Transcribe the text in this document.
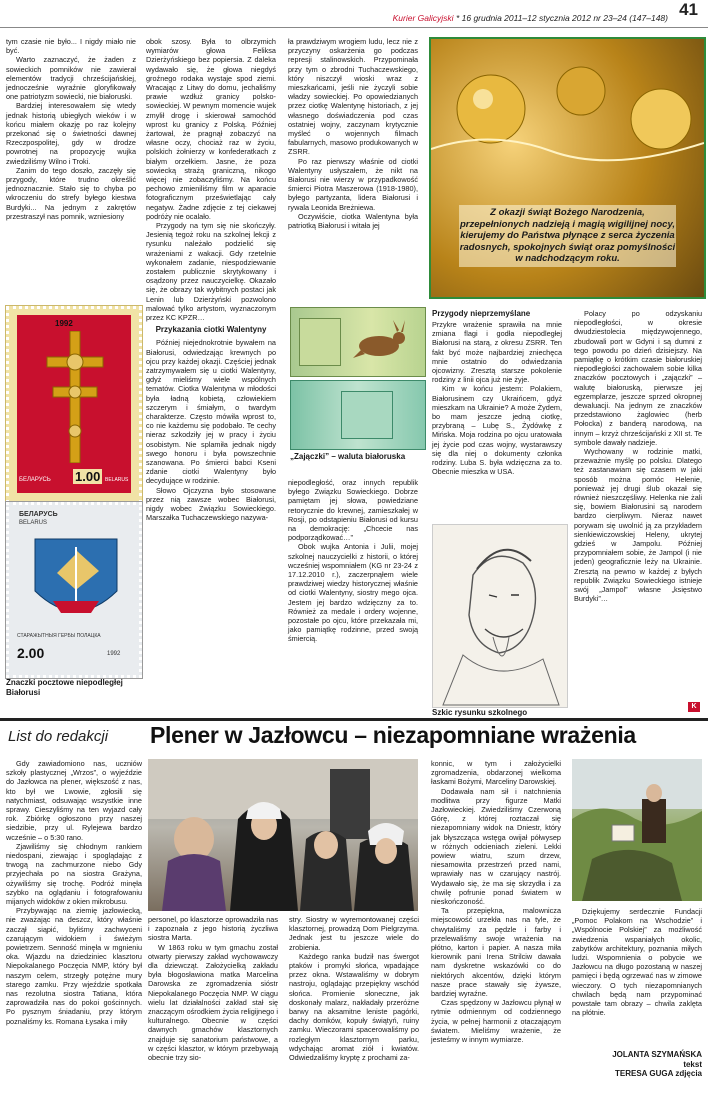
Kurier Galicyjski * 16 grudnia 2011–12 stycznia 2012 nr 23–24 (147–148) 41

tym czasie nie było... I nigdy miało nie być.

Warto zaznaczyć, że żaden z sowieckich pomników nie zawierał elementów tradycji chrześcijańskiej, jednocześnie wyraźnie gloryfikowały one patriotyzm sowiecki, nie białoruski.

Bardziej interesowałem się wtedy jednak historią ubiegłych wieków i w końcu miałem okazję po raz kolejny przekonać się o świetności dawnej Rzeczpospolitej, gdy w drodze powrotnej na propozycję wujka zwiedziliśmy Wilno i Troki.

Zanim do tego doszło, zaczęły się przygody, które trudno określić jednoznacznie. Stało się to chyba po wkroczeniu do strefy byłego kiestwa Burdyki... Na jednym z zakrętów przestraszył nas pomnik, wzniesiony

1992
БЕЛАРУСЬ 1.00 BELARUS
БЕЛАРУСЬ
BELARUS
СТАРАЖЫТНЫЯ ГЕРБЫ ПОЛАЦКА
2.00	1992
Znaczki pocztowe niepodległej Białorusi

obok szosy. Była to olbrzymich wymiarów głowa Feliksa Dzierżyńskiego bez popiersia. Z daleka wydawało się, że głowa niegdyś groźnego rodaka wystaje spod ziemi. Wracając z Litwy do domu, jechaliśmy prawie wzdłuż granicy polsko-sowieckiej. W pewnym momencie wujek zmylił drogę i skierował samochód wprost ku granicy z Polską. Później żartował, że pragnął zobaczyć na własne oczy, chociaż raz w życiu, polskich żołnierzy w konfederatkach z białym orzełkiem. Jasne, że poza sowiecką strażą graniczną, nikogo więcej nie zobaczyliśmy. Na końcu pechowo zmieniliśmy film w aparacie fotograficznym prześwietlając cały negatyw. Żadne zdjęcie z tej ciekawej podróży nie ocalało.

Przygody na tym się nie skończyły. Jesienią tegoż roku na szkolnej lekcji z rysunku należało podzielić się wrażeniami z wakacji. Gdy rzetelnie wykonałem zadanie, niespodziewanie zostałem publicznie skrytykowany i osądzony przez nauczycielkę. Okazało się, że obrazy tak wybitnych postaci jak Lenin lub Dzierżyński pozwolono malować tylko artystom, wyznaczonym przez KC KPZR…

Przykazania ciotki Walentyny

Później niejednokrotnie bywałem na Białorusi, odwiedzając krewnych po ojcu przy każdej okazji. Częściej jednak zatrzymywałem się u ciotki Walentyny, gdyż mieliśmy wiele wspólnych tematów. Ciotka Walentyna w młodości była ładną kobietą, człowiekiem szczerym i śmiałym, o twardym charakterze. Często mówiła wprost to, co nie każdemu się podobało. Te cechy nieraz szkodziły jej w pracy i życiu osobistym. Nie splamiła jednak nigdy swego honoru i była powszechnie szanowana. Po śmierci babci Kseni zdanie ciotki Walentyny było decydujące w rodzinie.

Słowo Ojczyzna było stosowane przez nią zawsze wobec Białorusi, nigdy wobec Związku Sowieckiego. Marszałka Tuchaczewskiego nazywa-

ła prawdziwym wrogiem ludu, lecz nie z przyczyny oskarżenia go podczas represji stalinowskich. Przypominała przy tym o zbrodni Tuchaczewskiego, który niszczył wioski wraz z mieszkańcami, jeśli nie życzyli sobie władzy sowieckiej. Po opowiedzianych przez ciotkę Walentynę historiach, z jej własnego doświadczenia pod czas ostatniej wojny, zaczynam krytycznie myśleć o wojennych filmach fabularnych, masowo produkowanych w ZSRR.

Po raz pierwszy właśnie od ciotki Walentyny usłyszałem, że nikt na Białorusi nie wierzy w przypadkowość śmierci Piotra Maszerowa (1918-1980), byłego partyzanta, lidera Białorusi i rywala Leonida Breżniewa.

Oczywiście, ciotka Walentyna była patriotką Białorusi i witała jej

„Zajączki” – waluta białoruska

niepodległość, oraz innych republik byłego Związku Sowieckiego. Dobrze pamiętam jej słowa, powiedziane retorycznie do krewnej, zamieszkałej w Rosji, po odstąpieniu Białorusi od kursu na demokrację: „Chcecie nas podporządkować…”

Obok wujka Antonia i Julii, mojej szkolnej nauczycielki z historii, o której wcześniej wspomniałem (KG nr 23-24 z 17.12.2010 r.), zaczerpnąłem wiele prawdziwej wiedzy historycznej właśnie od ciotki Walentyny, siostry mego ojca. Jestem jej bardzo wdzięczny za to. Również za medale i ordery wojenne, pozostałe po ojcu, które przekazała mi, jako pamiątkę rodzinne, przed swoją śmiercią.

Z okazji świąt Bożego Narodzenia, przepełnionych nadzieją i magią wigilijnej nocy, kierujemy do Państwa płynące z serca życzenia radosnych, spokojnych świąt oraz pomyślności w nadchodzącym roku.
Przygody nieprzemyślane

Przykre wrażenie sprawiła na mnie zmiana flagi i godła niepodległej Białorusi na starą, z okresu ZSRR. Ten fakt być może najbardziej zniechęca mnie ostatnio do odwiedzania ojcowizny. Zresztą starsze pokolenie rodziny z linii ojca już nie żyje.

Kim w końcu jestem: Polakiem, Białorusinem czy Ukraińcem, gdyż mieszkam na Ukrainie? A może Żydem, bo mam jeszcze jedną ciotkę, przybraną – Lubę S., Żydówkę z Mińska. Moja rodzina po ojcu uratowała jej życie pod czas wojny, wystarawszy się dla niej o dokumenty członka rodziny. Luba S. była wdzięczna za to. Obecnie mieszka w USA.

Szkic rysunku szkolnego

Polacy po odzyskaniu niepodległości, w okresie dwudziestolecia międzywojennego, zbudowali port w Gdyni i są dumni z tego powodu po dzień dzisiejszy. Na pamiątkę o krótkim czasie białoruskiej niepodległości zachowałem sobie kilka znaczków pocztowych i „zajączki” – walutę białoruską, pierwsze jej egzemplarze, jeszcze sprzed okropnej dewaluacji. Na jednym ze znaczków przedstawiono żaglowiec (herb Połocka) z banderą narodową, na innym – krzyż chrześcijański z XII st. Te symbole dawały nadzieje.

Wychowany w rodzinie matki, przeważnie myślę po polsku. Dlatego też zastanawiam się czasem w jaki sposób można pomóc Helenie, ponieważ jej drugi ślub okazał się również nieszczęśliwy. Helenka nie żali się, bowiem Białorusini są narodem bardzo cierpliwym. Nieraz nawet porywam się uwolnić ją za przykładem sienkiewiczowskiej Heleny, ukrytej gdzieś w Jampolu. Później przypomniałem sobie, że Jampol (i nie jeden) geograficznie leży na Ukrainie. Zresztą na pewno w każdej z byłych republik Związku Sowieckiego istnieje swój „Jampol” własne „księstwo Burdyki”…

K
List do redakcji Plener w Jazłowcu – niezapomniane wrażenia

Gdy zawiadomiono nas, uczniów szkoły plastycznej „Wrzos”, o wyjeździe do Jazłowca na plener, większość z nas, kto był we Lwowie, zgłosili się natychmiast, odsuwając wszystkie inne sprawy. Cieszyliśmy na ten wyjazd cały rok. Zbiórkę ogłoszono przy naszej siedzibie, przy ul. Rylejewa bardzo wcześnie – o 5:30 rano.

Zjawiliśmy się chłodnym rankiem niedospani, ziewając i spoglądając z trwogą na zachmurzone niebo Gdy przyjechała po na siostra Grażyna, ożywiliśmy się trochę. Podróż minęła szybko na oglądaniu i fotografowaniu mijanych widoków z okien mikrobusu.

Przybywając na ziemię jazłowiecką, nie zważając na deszcz, który właśnie zaczął siąpić, byliśmy zachwyceni czarującym widokiem i świeżym powietrzem. Senność minęła w mgnieniu oka. Wjazdu na dziedziniec klasztoru Niepokalanego Poczęcia NMP, który był naszym celem, strzegły potężne mury starego zamku. Przy wjeździe spotkała nas rezolutna siostra Tatiana, która zaprowadziła nas do pokoi gościnnych. Po pysznym śniadaniu, przy którym poznaliśmy ks. Romana Łysaka i miły

personel, po klasztorze oprowadziła nas i zapoznała z jego historią życzliwa siostra Marta.

W 1863 roku w tym gmachu został otwarty pierwszy zakład wychowawczy dla dziewcząt. Założycielką zakładu była błogosławiona matka Marcelina Darowska ze zgromadzenia sióstr Niepokalanego Poczęcia NMP. W ciągu wielu lat działalności zakład stał się znaczącym ośrodkiem życia religijnego i kulturalnego. Obecnie w części dawnych gmachów klasztornych znajduje się sanatorium państwowe, a w części klasztor, w którym przebywają obecnie trzy sio-

stry. Siostry w wyremontowanej części klasztornej, prowadzą Dom Pielgrzyma. Jednak jest tu jeszcze wiele do zrobienia.

Każdego ranka budził nas śwergot ptaków i promyki słońca, wpadające przez okna. Wstawaliśmy w dobrym nastroju, oglądając przepiękny wschód słońca. Promienie słoneczne, jak doskonały malarz, nakładały przeróżne barwy na aksamitne leniste pagórki, dachy domków, kopuły świątyń, ruiny zamku. Wieczorami spacerowaliśmy po rozległym klasztornym parku, wdychając aromat ziół i kwiatów. Odwiedzaliśmy kryptę z prochami za-

konnic, w tym i założycielki zgromadzenia, obdarzonej wielkoma łaskami Bożymi, Marceliny Darowskiej.

Dodawała nam sił i natchnienia modlitwa przy figurze Matki Jazłowieckiej. Zwiedziliśmy Czerwoną Górę, z której roztaczał się niezapomniany widok na Dniestr, który jak błyszcząca wstęga owijał półwysep w różnych odcieniach zieleni. Lekki powiew wiatru, szum drzew, niesamowita przestrzeń przed nami, wprawiały nas w czarujący nastrój. Wydawało się, że ma się skrzydła i za chwilę pofrunie ponad światem w nieskończoność.

Ta przepiękna, malownicza miejscowość urzekła nas na tyle, że chwytaliśmy za pędzle i farby i przelewaliśmy swoje wrażenia na płótno, karton i papier. A nasza miła kierownik pani Irena Strilciw dawała nam dyskretne wskazówki co do niektórych akcentów, dzięki którym nasze prace stawały się żywsze, bardziej wyraźne.

Czas spędzony w Jazłowcu płynął w rytmie odmiennym od codziennego życia, w pełnej harmonii z otaczającym światem. Mieliśmy wrażenie, że jesteśmy w innym wymiarze.

Dziękujemy serdecznie Fundacji „Pomoc Polakom na Wschodzie” i „Wspólnocie Polskiej” za możliwość zwiedzenia wspaniałych okolic, zabytków architektury, poznania miłych ludzi. Wspomnienia o pobycie we Jazłowcu na długo pozostaną w naszej pamięci i będą ogrzewać nas w zimowe wieczory. O tych niezapomnianych chwilach będą nam przypominać powstałe tam obrazy – chwila zaklęta na płótnie.

JOLANTA SZYMAŃSKA
tekst
TERESA GUGA zdjęcia
